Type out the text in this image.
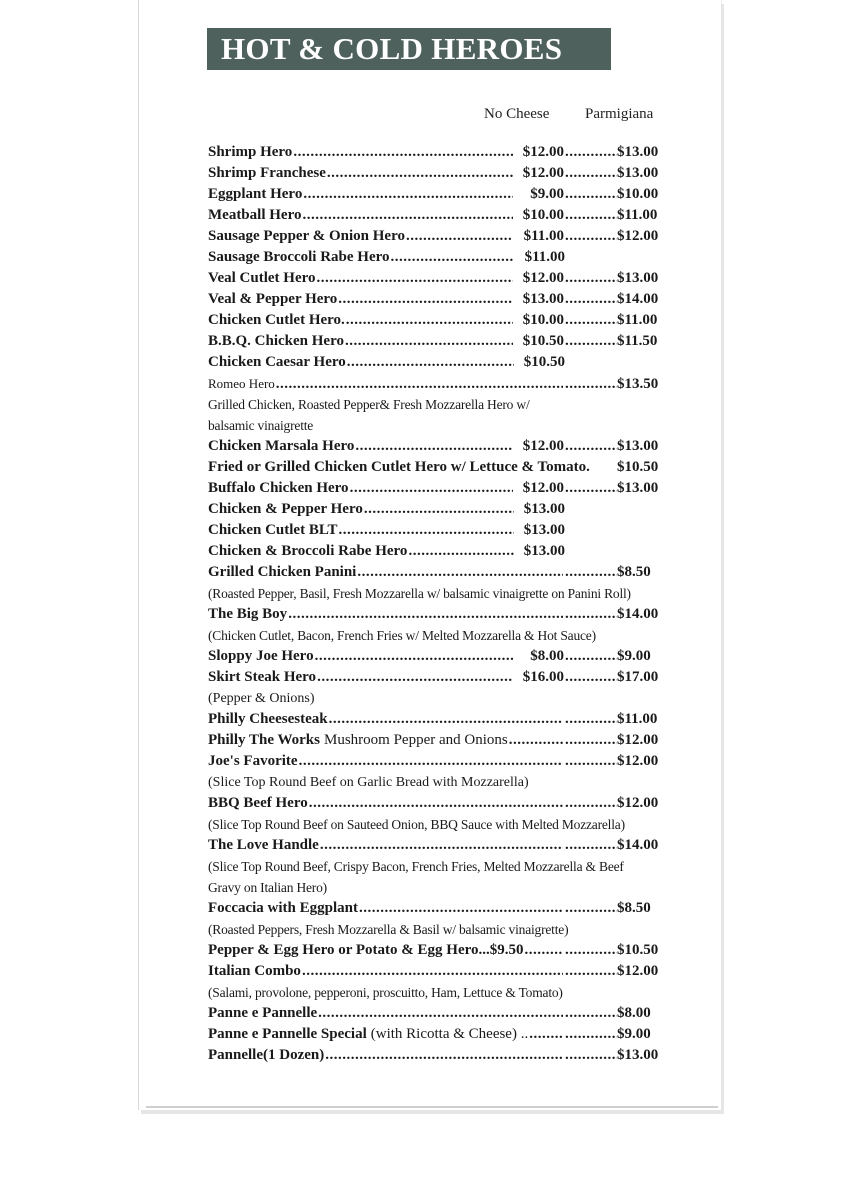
HOT & COLD HEROES
No Cheese Parmigiana
Shrimp Hero .....	$12.00 .....	$13.00
Shrimp Franchese .....	$12.00 .....	$13.00
Eggplant Hero .....	$9.00 .....	$10.00
Meatball Hero .....	$10.00 .....	$11.00
Sausage Pepper & Onion Hero .....	$11.00 .....	$12.00
Sausage Broccoli Rabe Hero .....	$11.00
Veal Cutlet Hero .....	$12.00 .....	$13.00
Veal & Pepper Hero .....	$13.00 .....	$14.00
Chicken Cutlet Hero. .....	$10.00 .....	$11.00
B.B.Q. Chicken Hero .....	$10.50 .....	$11.50
Chicken Caesar Hero .....	$10.50
Romeo Hero ..... .....	$13.50
Grilled Chicken, Roasted Pepper& Fresh Mozzarella Hero w/
balsamic vinaigrette
Chicken Marsala Hero .....	$12.00 .....	$13.00
Fried or Grilled Chicken Cutlet Hero w/ Lettuce & Tomato. $10.50
Buffalo Chicken Hero .....	$12.00 .....	$13.00
Chicken & Pepper Hero .....	$13.00
Chicken Cutlet BLT .....	$13.00
Chicken & Broccoli Rabe Hero .....	$13.00
Grilled Chicken Panini ..... .....	$8.50
(Roasted Pepper, Basil, Fresh Mozzarella w/ balsamic vinaigrette on Panini Roll)
The Big Boy ..... .....	$14.00
(Chicken Cutlet, Bacon, French Fries w/ Melted Mozzarella & Hot Sauce)
Sloppy Joe Hero .....	$8.00 .....	$9.00
Skirt Steak Hero .....	$16.00 .....	$17.00
(Pepper & Onions)
Philly Cheesesteak ..... .....	$11.00
Philly The Works Mushroom Pepper and Onions ..... .....	$12.00
Joe's Favorite ..... .....	$12.00
(Slice Top Round Beef on Garlic Bread with Mozzarella)
BBQ Beef Hero ..... .....	$12.00
(Slice Top Round Beef on Sauteed Onion, BBQ Sauce with Melted Mozzarella)
The Love Handle ..... .....	$14.00
(Slice Top Round Beef, Crispy Bacon, French Fries, Melted Mozzarella & Beef
Gravy on Italian Hero)
Foccacia with Eggplant ..... .....	$8.50
(Roasted Peppers, Fresh Mozzarella & Basil w/ balsamic vinaigrette)
Pepper & Egg Hero or Potato & Egg Hero...$9.50 ..... .....	$10.50
Italian Combo ..... .....	$12.00
(Salami, provolone, pepperoni, proscuitto, Ham, Lettuce & Tomato)
Panne e Pannelle ..... .....	$8.00
Panne e Pannelle Special (with Ricotta & Cheese) .. ..... .....	$9.00
Pannelle(1 Dozen) ..... .....	$13.00
